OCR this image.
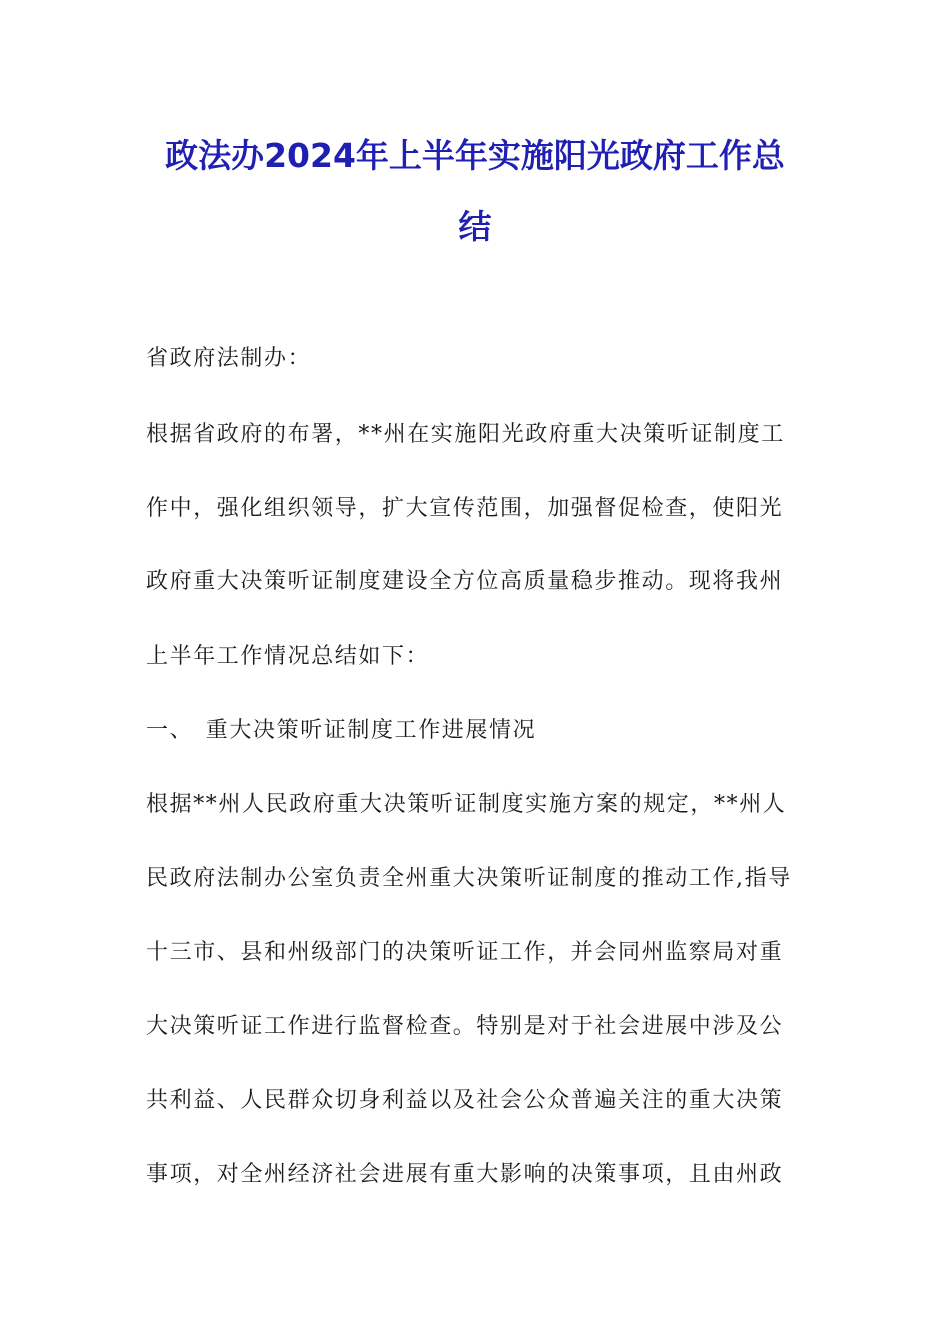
政法办2024年上半年实施阳光政府工作总
结

省政府法制办：

根据省政府的布署，**州在实施阳光政府重大决策听证制度工

作中，强化组织领导，扩大宣传范围，加强督促检查，使阳光

政府重大决策听证制度建设全方位高质量稳步推动。现将我州

上半年工作情况总结如下：

一、　重大决策听证制度工作进展情况

根据**州人民政府重大决策听证制度实施方案的规定，**州人

民政府法制办公室负责全州重大决策听证制度的推动工作,指导

十三市、县和州级部门的决策听证工作，并会同州监察局对重

大决策听证工作进行监督检查。特别是对于社会进展中涉及公

共利益、人民群众切身利益以及社会公众普遍关注的重大决策

事项，对全州经济社会进展有重大影响的决策事项，且由州政
